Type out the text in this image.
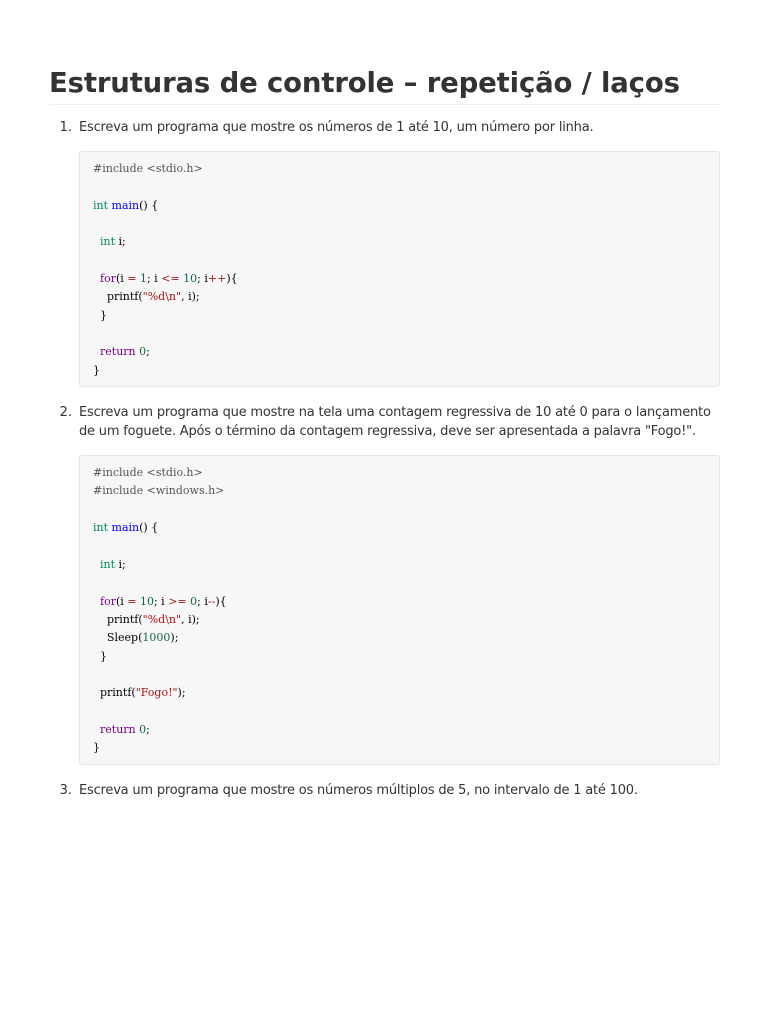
Estruturas de controle – repetição / laços
1. Escreva um programa que mostre os números de 1 até 10, um número por linha.
#include <stdio.h>

int main() {

int i;

for(i = 1; i <= 10; i++){
printf("%d\n", i);
}

return 0;
}
2. Escreva um programa que mostre na tela uma contagem regressiva de 10 até 0 para o lançamento de um foguete. Após o término da contagem regressiva, deve ser apresentada a palavra "Fogo!".
#include <stdio.h>
#include <windows.h>

int main() {

int i;

for(i = 10; i >= 0; i--){
printf("%d\n", i);
Sleep(1000);
}

printf("Fogo!");

return 0;
}
3. Escreva um programa que mostre os números múltiplos de 5, no intervalo de 1 até 100.
